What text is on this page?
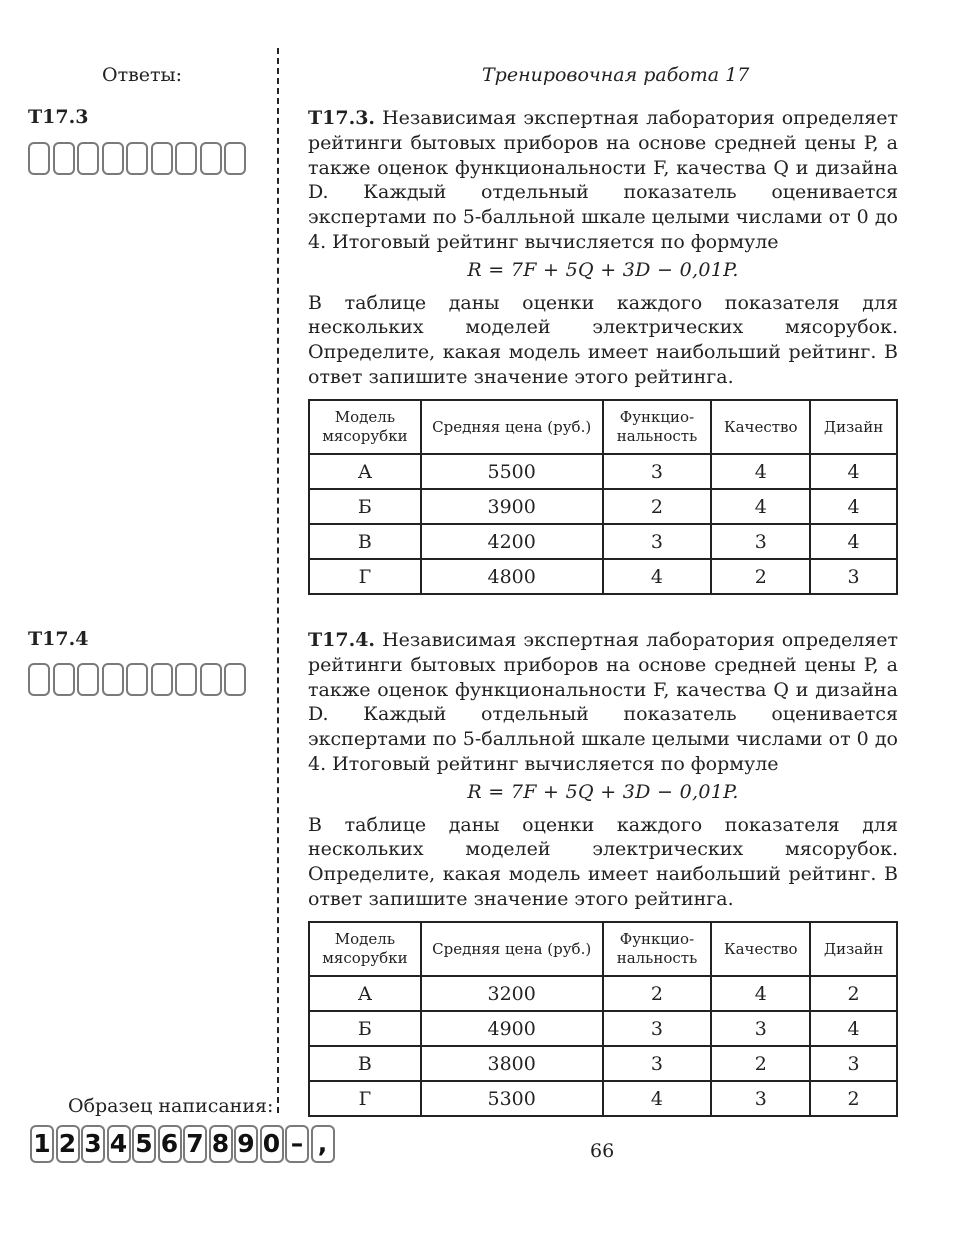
Ответы:
T17.3
T17.4
Образец написания:
1 2 3 4 5 6 7 8 9 0 – ,
Тренировочная работа 17

T17.3. Независимая экспертная лаборатория определяет рейтинги бытовых приборов на основе средней цены P, а также оценок функциональности F, качества Q и дизайна D. Каждый отдельный показатель оценивается экспертами по 5-балльной шкале целыми числами от 0 до 4. Итоговый рейтинг вычисляется по формуле

R = 7F + 5Q + 3D − 0,01P.

В таблице даны оценки каждого показателя для нескольких моделей электрических мясорубок. Определите, какая модель имеет наибольший рейтинг. В ответ запишите значение этого рейтинга.

Модель мясорубки	Средняя цена (руб.)	Функцио-нальность	Качество	Дизайн
А	5500	3	4	4
Б	3900	2	4	4
В	4200	3	3	4
Г	4800	4	2	3

T17.4. Независимая экспертная лаборатория определяет рейтинги бытовых приборов на основе средней цены P, а также оценок функциональности F, качества Q и дизайна D. Каждый отдельный показатель оценивается экспертами по 5-балльной шкале целыми числами от 0 до 4. Итоговый рейтинг вычисляется по формуле

R = 7F + 5Q + 3D − 0,01P.

В таблице даны оценки каждого показателя для нескольких моделей электрических мясорубок. Определите, какая модель имеет наибольший рейтинг. В ответ запишите значение этого рейтинга.

Модель мясорубки	Средняя цена (руб.)	Функцио-нальность	Качество	Дизайн
А	3200	2	4	2
Б	4900	3	3	4
В	3800	3	2	3
Г	5300	4	3	2
66
